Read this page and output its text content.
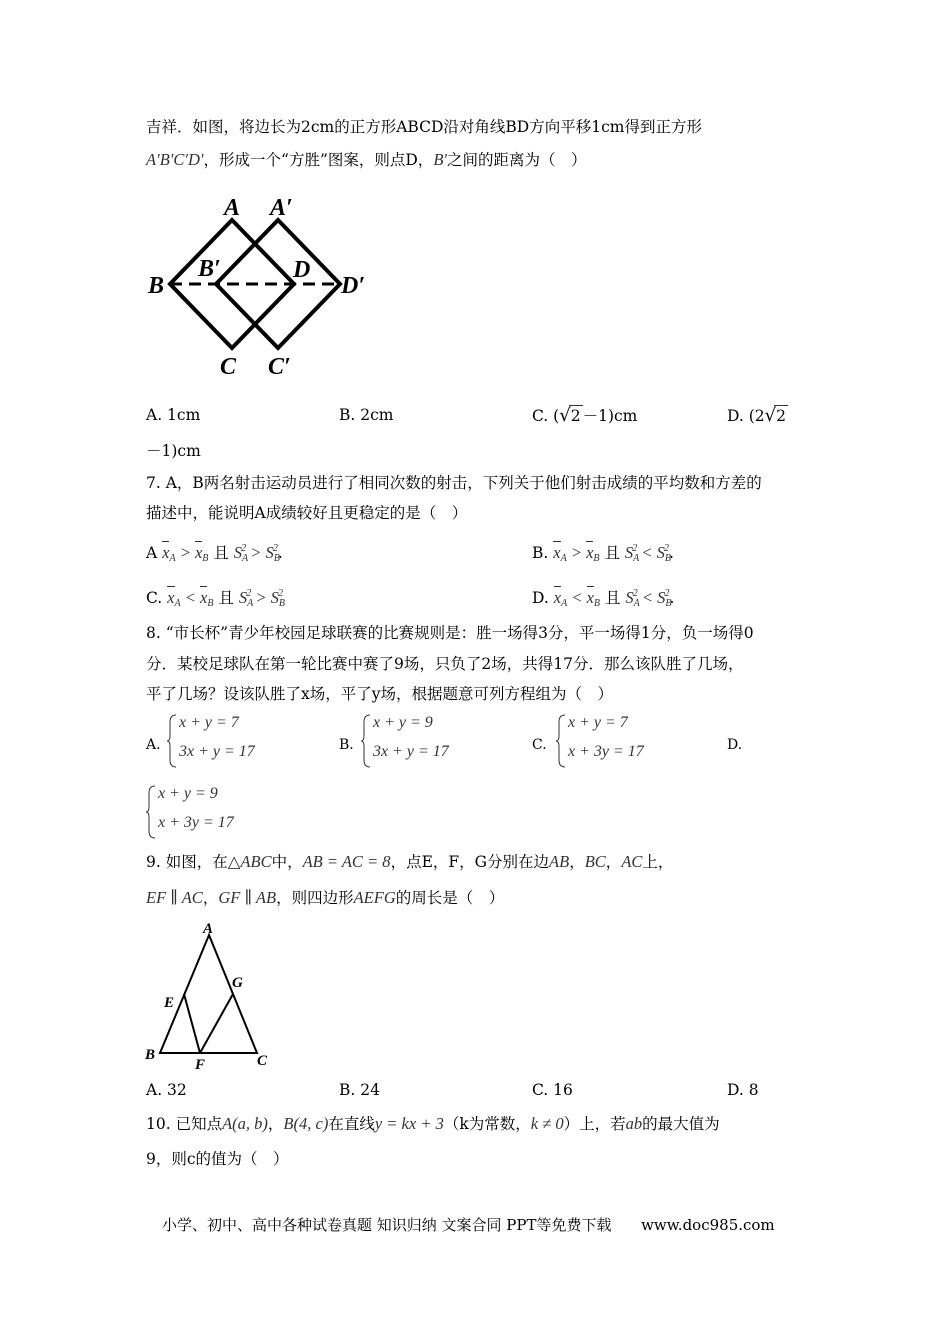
吉祥．如图，将边长为2cm的正方形ABCD沿对角线BD方向平移1cm得到正方形
A′B′C′D′，形成一个“方胜”图案，则点D，B′之间的距离为（　）
A A′
B
B′	D
D′
C C′
A. 1cm	B. 2cm	C. (√2 －1)cm	D. (2√2
－1)cm
7. A，B两名射击运动员进行了相同次数的射击，下列关于他们射击成绩的平均数和方差的
描述中，能说明A成绩较好且更稳定的是（　）
A $x_A > x_B$ 且 $S_A^2 > S_B^2$.	B. $x_A > x_B$ 且 $S_A^2 < S_B^2$.
C. $x_A < x_B$ 且 $S_A^2 > S_B^2$	D. $x_A < x_B$ 且 $S_A^2 < S_B^2$.
8. “市长杯”青少年校园足球联赛的比赛规则是：胜一场得3分，平一场得1分，负一场得0
分．某校足球队在第一轮比赛中赛了9场，只负了2场，共得17分．那么该队胜了几场，
平了几场？设该队胜了x场，平了y场，根据题意可列方程组为（　）
A.
x + y = 7
3x + y = 17	B.
x + y = 9
3x + y = 17	C.
x + y = 7
x + 3y = 17	D.
x + y = 9
x + 3y = 17
9. 如图，在△ABC中，AB = AC = 8，点E，F，G分别在边AB，BC，AC上，
EF ∥ AC，GF ∥ AB，则四边形AEFG的周长是（　）
A
B	C
E
F
G
A. 32	B. 24	C. 16	D. 8
10. 已知点A(a, b)，B(4, c)在直线y = kx + 3（k为常数，k ≠ 0）上，若ab的最大值为
9，则c的值为（　）
小学、初中、高中各种试卷真题 知识归纳 文案合同 PPT等免费下载 www.doc985.com
